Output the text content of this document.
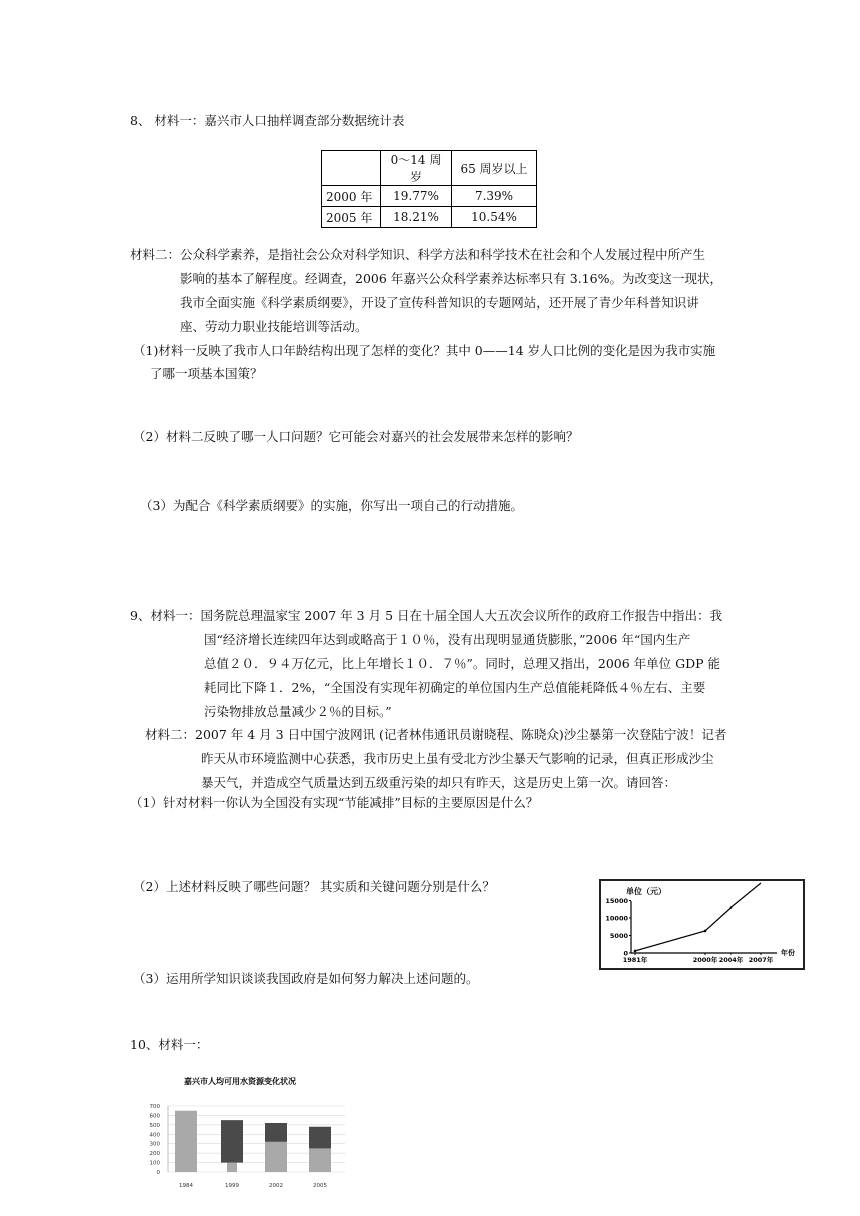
8、 材料一：嘉兴市人口抽样调查部分数据统计表
	0～14 周岁	65 周岁以上
2000 年	19.77%	7.39%
2005 年	18.21%	10.54%
材料二：公众科学素养，是指社会公众对科学知识、科学方法和科学技术在社会和个人发展过程中所产生
影响的基本了解程度。经调查，2006 年嘉兴公众科学素养达标率只有 3.16%。为改变这一现状，
我市全面实施《科学素质纲要》，开设了宣传科普知识的专题网站，还开展了青少年科普知识讲
座、劳动力职业技能培训等活动。
（1)材料一反映了我市人口年龄结构出现了怎样的变化？其中 0——14 岁人口比例的变化是因为我市实施
了哪一项基本国策？
（2）材料二反映了哪一人口问题？它可能会对嘉兴的社会发展带来怎样的影响？
（3）为配合《科学素质纲要》的实施，你写出一项自己的行动措施。
9、材料一：国务院总理温家宝 2007 年 3 月 5 日在十届全国人大五次会议所作的政府工作报告中指出：我
国“经济增长连续四年达到或略高于１０％，没有出现明显通货膨胀，”2006 年“国内生产
总值２０．９４万亿元，比上年增长１０．７％”。同时，总理又指出，2006 年单位 GDP 能
耗同比下降１．2%，“全国没有实现年初确定的单位国内生产总值能耗降低４％左右、主要
污染物排放总量减少２％的目标。”
材料二：2007 年 4 月 3 日中国宁波网讯 (记者林伟通讯员谢晓程、陈晓众)沙尘暴第一次登陆宁波！记者
昨天从市环境监测中心获悉，我市历史上虽有受北方沙尘暴天气影响的记录，但真正形成沙尘
暴天气，并造成空气质量达到五级重污染的却只有昨天，这是历史上第一次。请回答：
（1）针对材料一你认为全国没有实现“节能减排”目标的主要原因是什么？
（2）上述材料反映了哪些问题？ 其实质和关键问题分别是什么？
（3）运用所学知识谈谈我国政府是如何努力解决上述问题的。
单位（元）
年份
0
5000
10000
15000
1981年	2000年 2004年 2007年
10、材料一：
嘉兴市人均可用水资源变化状况
0
100
200
300
400
500
600
700
1984	1999	2002	2005
